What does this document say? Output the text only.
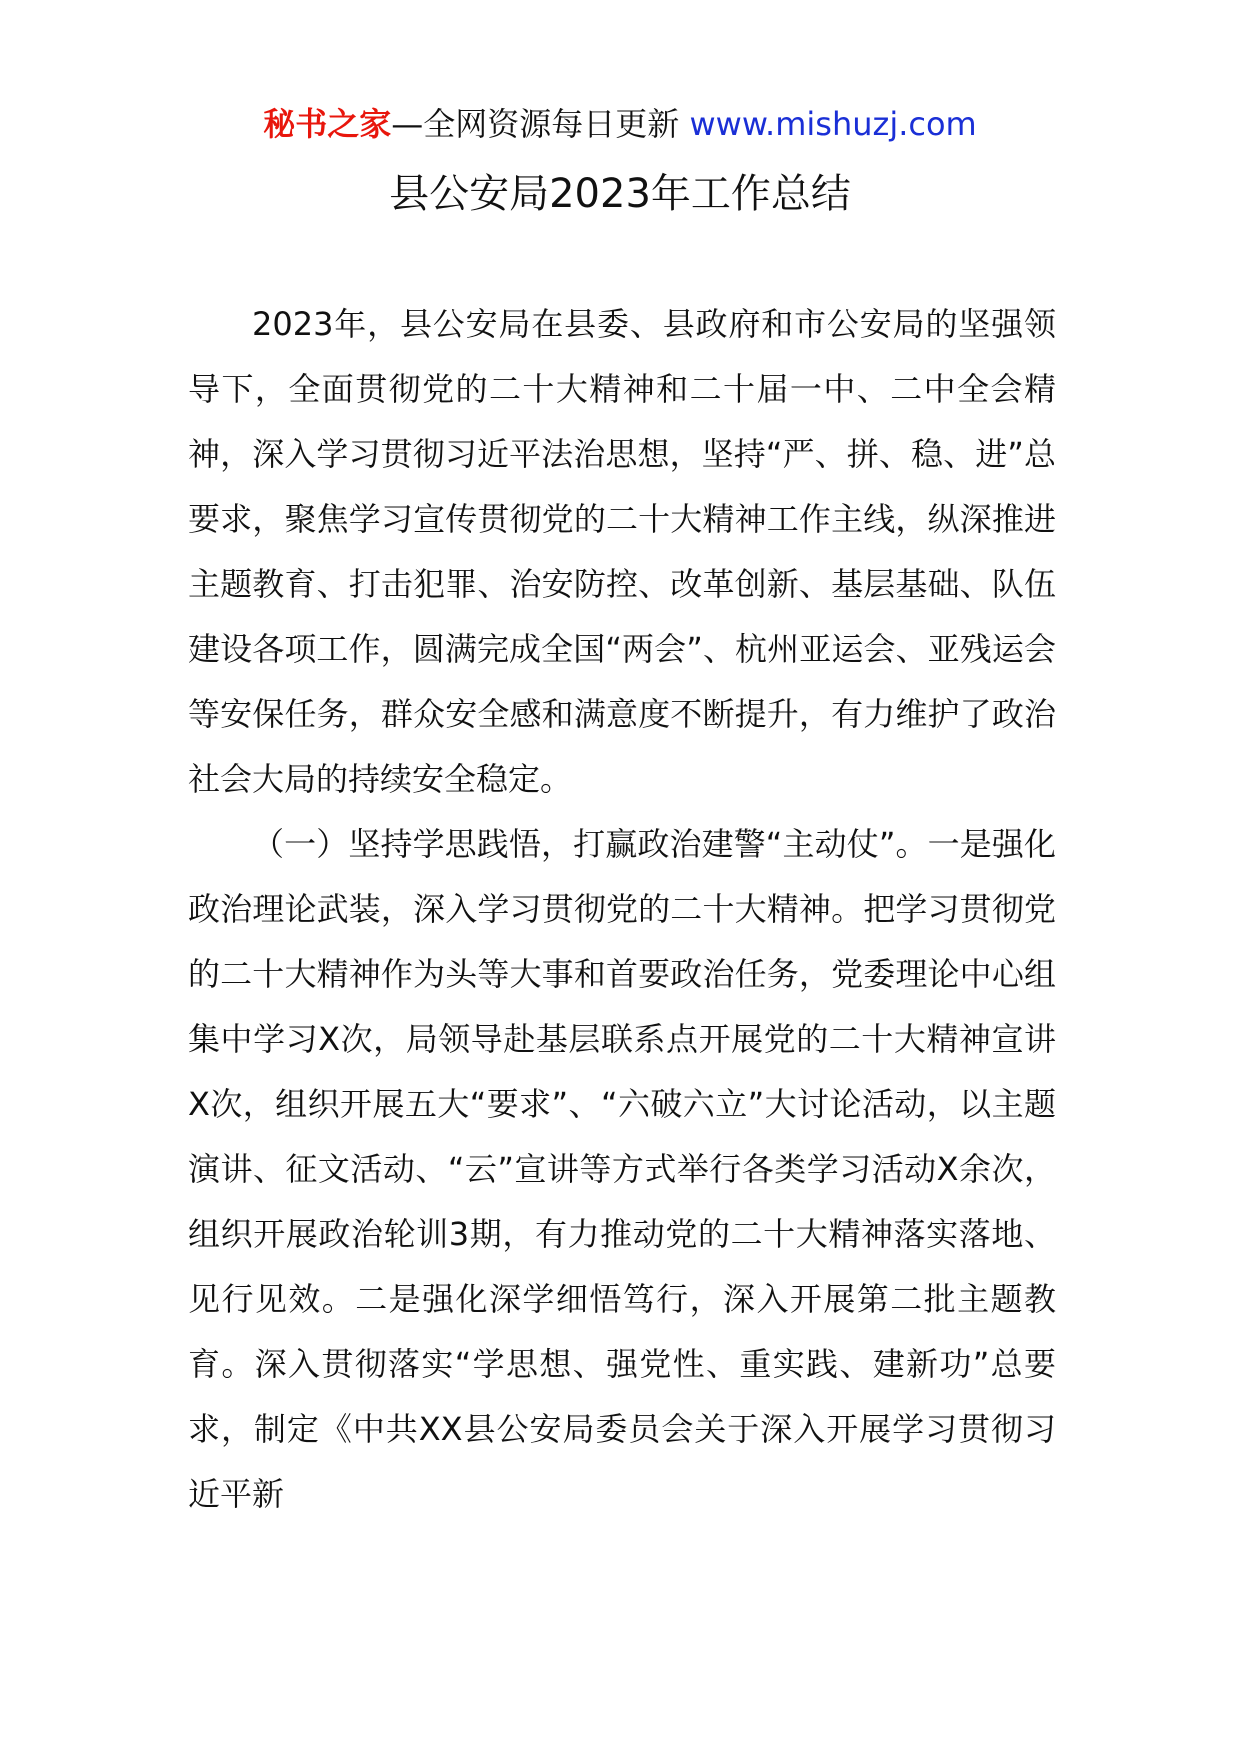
秘书之家—全网资源每日更新 www.mishuzj.com
县公安局2023年工作总结

2023年，县公安局在县委、县政府和市公安局的坚强领导下，全面贯彻党的二十大精神和二十届一中、二中全会精神，深入学习贯彻习近平法治思想，坚持“严、拼、稳、进”总要求，聚焦学习宣传贯彻党的二十大精神工作主线，纵深推进主题教育、打击犯罪、治安防控、改革创新、基层基础、队伍建设各项工作，圆满完成全国“两会”、杭州亚运会、亚残运会等安保任务，群众安全感和满意度不断提升，有力维护了政治社会大局的持续安全稳定。

（一）坚持学思践悟，打赢政治建警“主动仗”。一是强化政治理论武装，深入学习贯彻党的二十大精神。把学习贯彻党的二十大精神作为头等大事和首要政治任务，党委理论中心组集中学习X次，局领导赴基层联系点开展党的二十大精神宣讲X次，组织开展五大“要求”、“六破六立”大讨论活动，以主题演讲、征文活动、“云”宣讲等方式举行各类学习活动X余次，组织开展政治轮训3期，有力推动党的二十大精神落实落地、见行见效。二是强化深学细悟笃行，深入开展第二批主题教育。深入贯彻落实“学思想、强党性、重实践、建新功”总要求，制定《中共XX县公安局委员会关于深入开展学习贯彻习近平新
